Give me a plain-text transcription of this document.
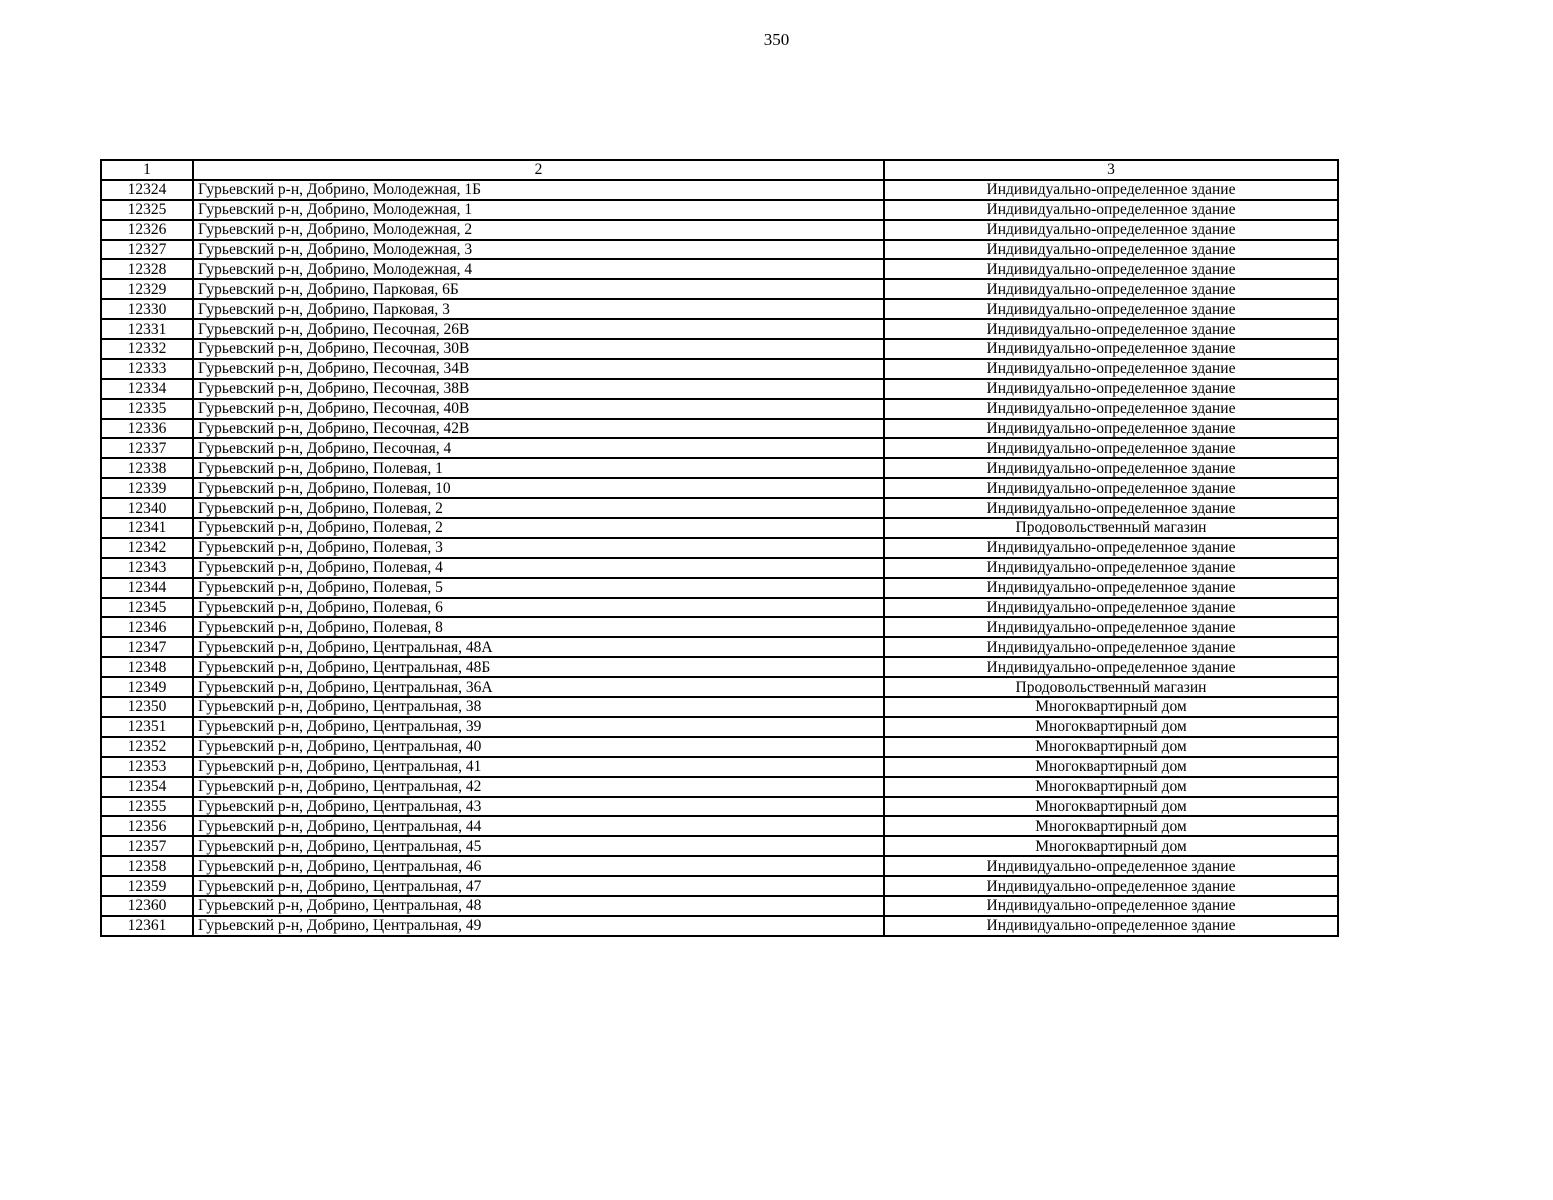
350
1	2	3
12324	Гурьевский р-н, Добрино, Молодежная, 1Б	Индивидуально-определенное здание
12325	Гурьевский р-н, Добрино, Молодежная, 1	Индивидуально-определенное здание
12326	Гурьевский р-н, Добрино, Молодежная, 2	Индивидуально-определенное здание
12327	Гурьевский р-н, Добрино, Молодежная, 3	Индивидуально-определенное здание
12328	Гурьевский р-н, Добрино, Молодежная, 4	Индивидуально-определенное здание
12329	Гурьевский р-н, Добрино, Парковая, 6Б	Индивидуально-определенное здание
12330	Гурьевский р-н, Добрино, Парковая, 3	Индивидуально-определенное здание
12331	Гурьевский р-н, Добрино, Песочная, 26В	Индивидуально-определенное здание
12332	Гурьевский р-н, Добрино, Песочная, 30В	Индивидуально-определенное здание
12333	Гурьевский р-н, Добрино, Песочная, 34В	Индивидуально-определенное здание
12334	Гурьевский р-н, Добрино, Песочная, 38В	Индивидуально-определенное здание
12335	Гурьевский р-н, Добрино, Песочная, 40В	Индивидуально-определенное здание
12336	Гурьевский р-н, Добрино, Песочная, 42В	Индивидуально-определенное здание
12337	Гурьевский р-н, Добрино, Песочная, 4	Индивидуально-определенное здание
12338	Гурьевский р-н, Добрино, Полевая, 1	Индивидуально-определенное здание
12339	Гурьевский р-н, Добрино, Полевая, 10	Индивидуально-определенное здание
12340	Гурьевский р-н, Добрино, Полевая, 2	Индивидуально-определенное здание
12341	Гурьевский р-н, Добрино, Полевая, 2	Продовольственный магазин
12342	Гурьевский р-н, Добрино, Полевая, 3	Индивидуально-определенное здание
12343	Гурьевский р-н, Добрино, Полевая, 4	Индивидуально-определенное здание
12344	Гурьевский р-н, Добрино, Полевая, 5	Индивидуально-определенное здание
12345	Гурьевский р-н, Добрино, Полевая, 6	Индивидуально-определенное здание
12346	Гурьевский р-н, Добрино, Полевая, 8	Индивидуально-определенное здание
12347	Гурьевский р-н, Добрино, Центральная, 48А	Индивидуально-определенное здание
12348	Гурьевский р-н, Добрино, Центральная, 48Б	Индивидуально-определенное здание
12349	Гурьевский р-н, Добрино, Центральная, 36А	Продовольственный магазин
12350	Гурьевский р-н, Добрино, Центральная, 38	Многоквартирный дом
12351	Гурьевский р-н, Добрино, Центральная, 39	Многоквартирный дом
12352	Гурьевский р-н, Добрино, Центральная, 40	Многоквартирный дом
12353	Гурьевский р-н, Добрино, Центральная, 41	Многоквартирный дом
12354	Гурьевский р-н, Добрино, Центральная, 42	Многоквартирный дом
12355	Гурьевский р-н, Добрино, Центральная, 43	Многоквартирный дом
12356	Гурьевский р-н, Добрино, Центральная, 44	Многоквартирный дом
12357	Гурьевский р-н, Добрино, Центральная, 45	Многоквартирный дом
12358	Гурьевский р-н, Добрино, Центральная, 46	Индивидуально-определенное здание
12359	Гурьевский р-н, Добрино, Центральная, 47	Индивидуально-определенное здание
12360	Гурьевский р-н, Добрино, Центральная, 48	Индивидуально-определенное здание
12361	Гурьевский р-н, Добрино, Центральная, 49	Индивидуально-определенное здание
